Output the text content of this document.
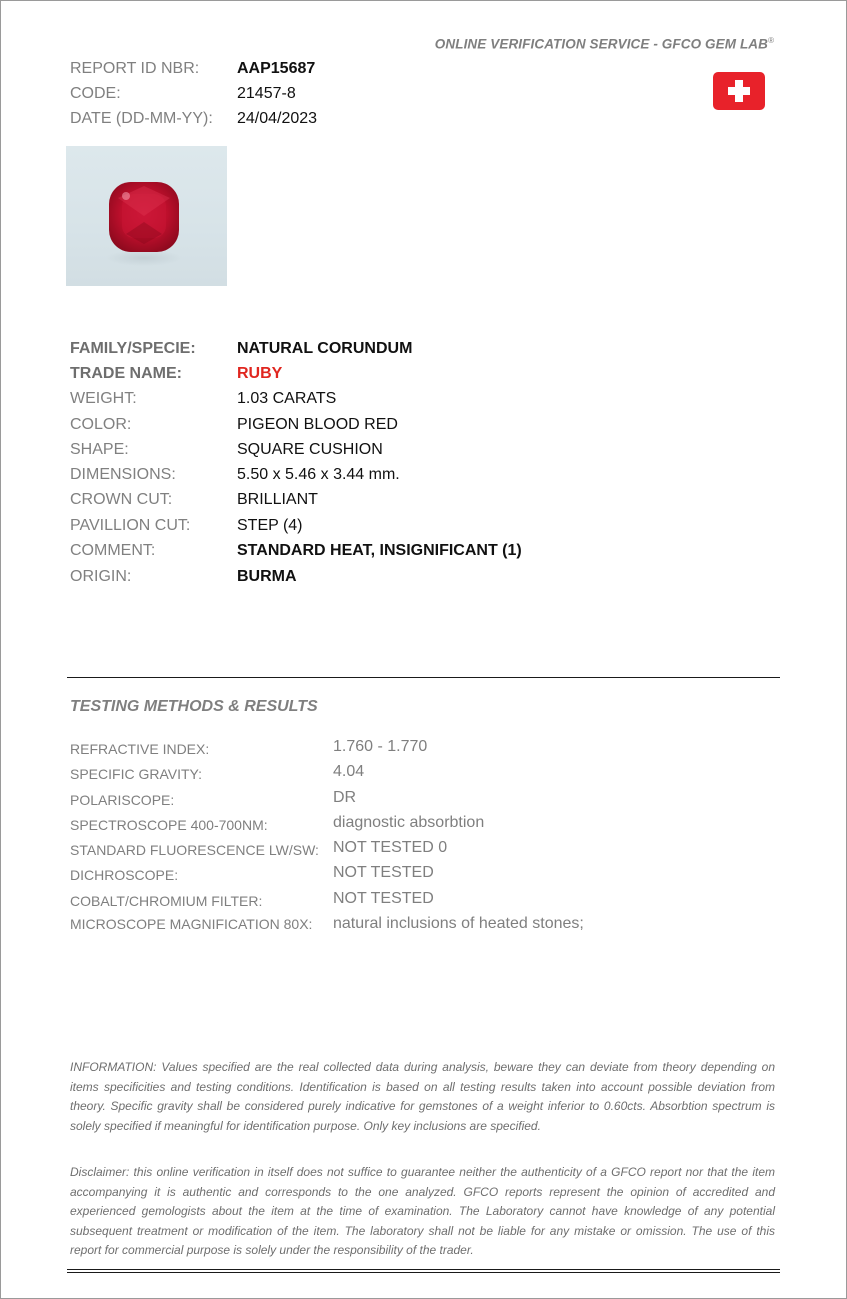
ONLINE VERIFICATION SERVICE - GFCO GEM LAB®
REPORT ID NBR: AAP15687
CODE:	21457-8
DATE (DD-MM-YY): 24/04/2023
FAMILY/SPECIE:	NATURAL CORUNDUM
TRADE NAME:	RUBY
WEIGHT:	1.03 CARATS
COLOR:	PIGEON BLOOD RED
SHAPE:	SQUARE CUSHION
DIMENSIONS:	5.50 x 5.46 x 3.44 mm.
CROWN CUT:	BRILLIANT
PAVILLION CUT:	STEP (4)
COMMENT:	STANDARD HEAT, INSIGNIFICANT (1)
ORIGIN:	BURMA
TESTING METHODS & RESULTS
REFRACTIVE INDEX:	1.760 - 1.770
SPECIFIC GRAVITY:	4.04
POLARISCOPE:	DR
SPECTROSCOPE 400-700NM:	diagnostic absorbtion
STANDARD FLUORESCENCE LW/SW: NOT TESTED 0
DICHROSCOPE:	NOT TESTED
COBALT/CHROMIUM FILTER:	NOT TESTED
MICROSCOPE MAGNIFICATION 80X: natural inclusions of heated stones;
INFORMATION: Values specified are the real collected data during analysis, beware they can deviate from theory depending on items specificities and testing conditions. Identification is based on all testing results taken into account possible deviation from theory. Specific gravity shall be considered purely indicative for gemstones of a weight inferior to 0.60cts. Absorbtion spectrum is solely specified if meaningful for identification purpose. Only key inclusions are specified.
Disclaimer: this online verification in itself does not suffice to guarantee neither the authenticity of a GFCO report nor that the item accompanying it is authentic and corresponds to the one analyzed. GFCO reports represent the opinion of accredited and experienced gemologists about the item at the time of examination. The Laboratory cannot have knowledge of any potential subsequent treatment or modification of the item. The laboratory shall not be liable for any mistake or omission. The use of this report for commercial purpose is solely under the responsibility of the trader.
